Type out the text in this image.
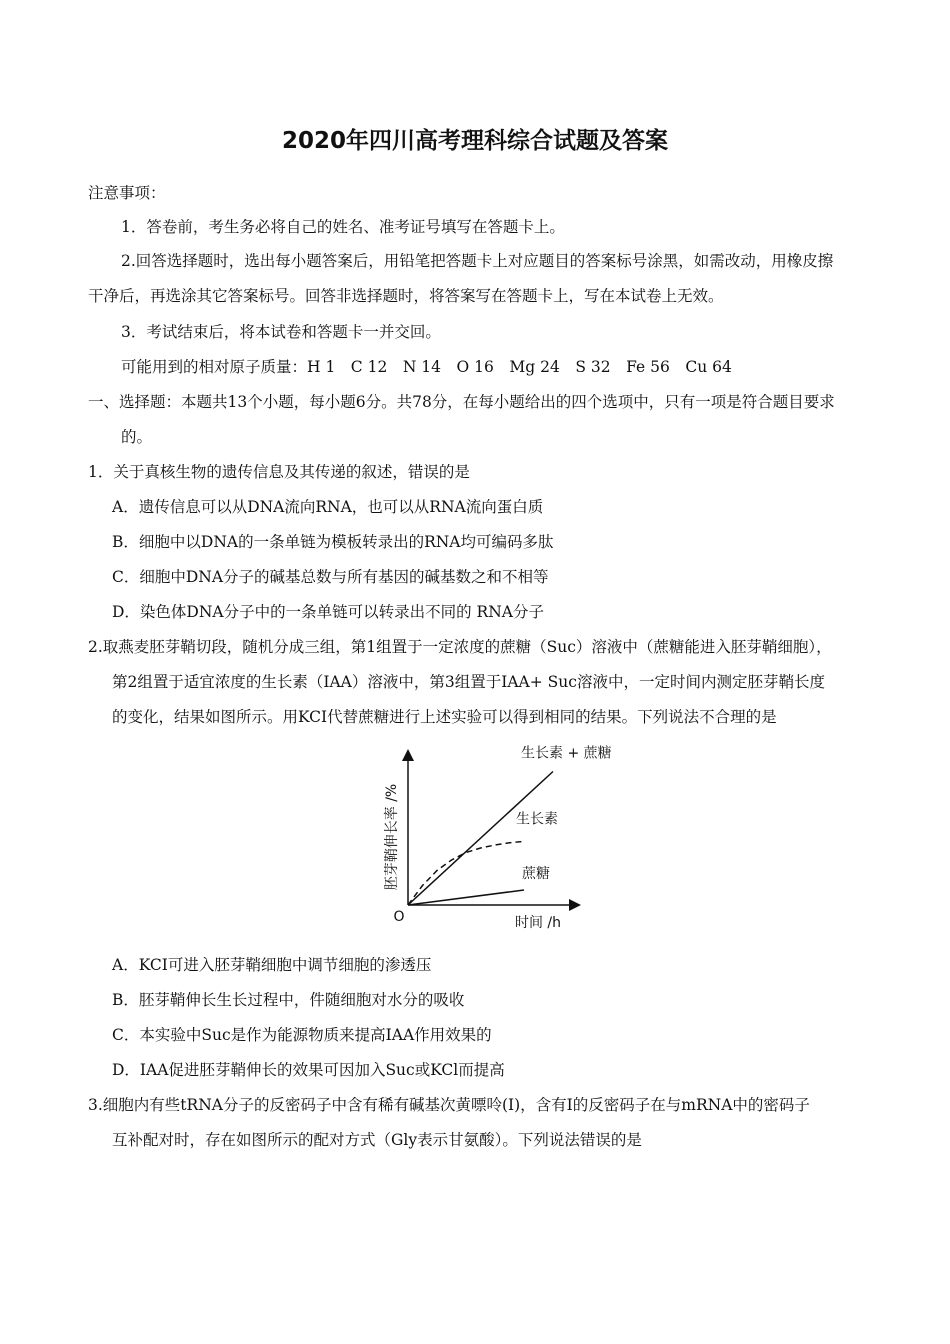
2020年四川高考理科综合试题及答案
注意事项：
1．答卷前，考生务必将自己的姓名、准考证号填写在答题卡上。
2.回答选择题时，选出每小题答案后，用铅笔把答题卡上对应题目的答案标号涂黑，如需改动，用橡皮擦
干净后，再选涂其它答案标号。回答非选择题时，将答案写在答题卡上，写在本试卷上无效。
3．考试结束后，将本试卷和答题卡一并交回。
可能用到的相对原子质量：H 1　C 12　N 14　O 16　Mg 24　S 32　Fe 56　Cu 64
一、选择题：本题共13个小题，每小题6分。共78分，在每小题给出的四个选项中，只有一项是符合题目要求
的。
1．关于真核生物的遗传信息及其传递的叙述，错误的是
A．遗传信息可以从DNA流向RNA，也可以从RNA流向蛋白质
B．细胞中以DNA的一条单链为模板转录出的RNA均可编码多肽
C．细胞中DNA分子的碱基总数与所有基因的碱基数之和不相等
D．染色体DNA分子中的一条单链可以转录出不同的 RNA分子
2.取燕麦胚芽鞘切段，随机分成三组，第1组置于一定浓度的蔗糖（Suc）溶液中（蔗糖能进入胚芽鞘细胞），
第2组置于适宜浓度的生长素（IAA）溶液中，第3组置于IAA+ Suc溶液中，一定时间内测定胚芽鞘长度
的变化，结果如图所示。用KCI代替蔗糖进行上述实验可以得到相同的结果。下列说法不合理的是
胚芽鞘伸长率 /%
时间 /h
O
生长素 + 蔗糖
生长素
蔗糖
A．KCI可进入胚芽鞘细胞中调节细胞的渗透压
B．胚芽鞘伸长生长过程中，件随细胞对水分的吸收
C．本实验中Suc是作为能源物质来提高IAA作用效果的
D．IAA促进胚芽鞘伸长的效果可因加入Suc或KCl而提高
3.细胞内有些tRNA分子的反密码子中含有稀有碱基次黄嘌呤(I)，含有I的反密码子在与mRNA中的密码子
互补配对时，存在如图所示的配对方式（Gly表示甘氨酸）。下列说法错误的是
